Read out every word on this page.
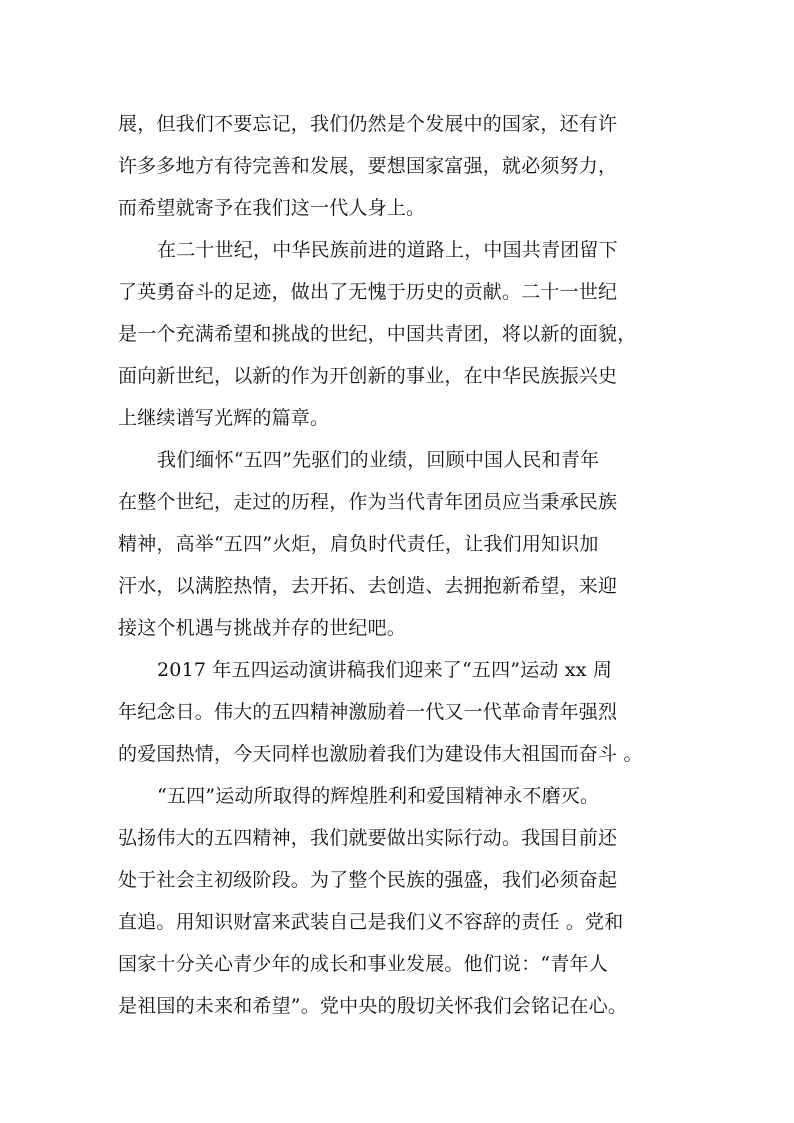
展，但我们不要忘记，我们仍然是个发展中的国家，还有许
许多多地方有待完善和发展，要想国家富强，就必须努力，
而希望就寄予在我们这一代人身上。
在二十世纪，中华民族前进的道路上，中国共青团留下
了英勇奋斗的足迹，做出了无愧于历史的贡献。二十一世纪
是一个充满希望和挑战的世纪，中国共青团，将以新的面貌，
面向新世纪，以新的作为开创新的事业，在中华民族振兴史
上继续谱写光辉的篇章。
我们缅怀“五四”先驱们的业绩，回顾中国人民和青年
在整个世纪，走过的历程，作为当代青年团员应当秉承民族
精神，高举“五四”火炬，肩负时代责任，让我们用知识加
汗水，以满腔热情，去开拓、去创造、去拥抱新希望，来迎
接这个机遇与挑战并存的世纪吧。
2017 年五四运动演讲稿我们迎来了“五四”运动 xx 周
年纪念日。伟大的五四精神激励着一代又一代革命青年强烈
的爱国热情，今天同样也激励着我们为建设伟大祖国而奋斗 。
“五四”运动所取得的辉煌胜利和爱国精神永不磨灭。
弘扬伟大的五四精神，我们就要做出实际行动。我国目前还
处于社会主初级阶段。为了整个民族的强盛，我们必须奋起
直追。用知识财富来武装自己是我们义不容辞的责任 。党和
国家十分关心青少年的成长和事业发展。他们说：“青年人
是祖国的未来和希望”。党中央的殷切关怀我们会铭记在心。
